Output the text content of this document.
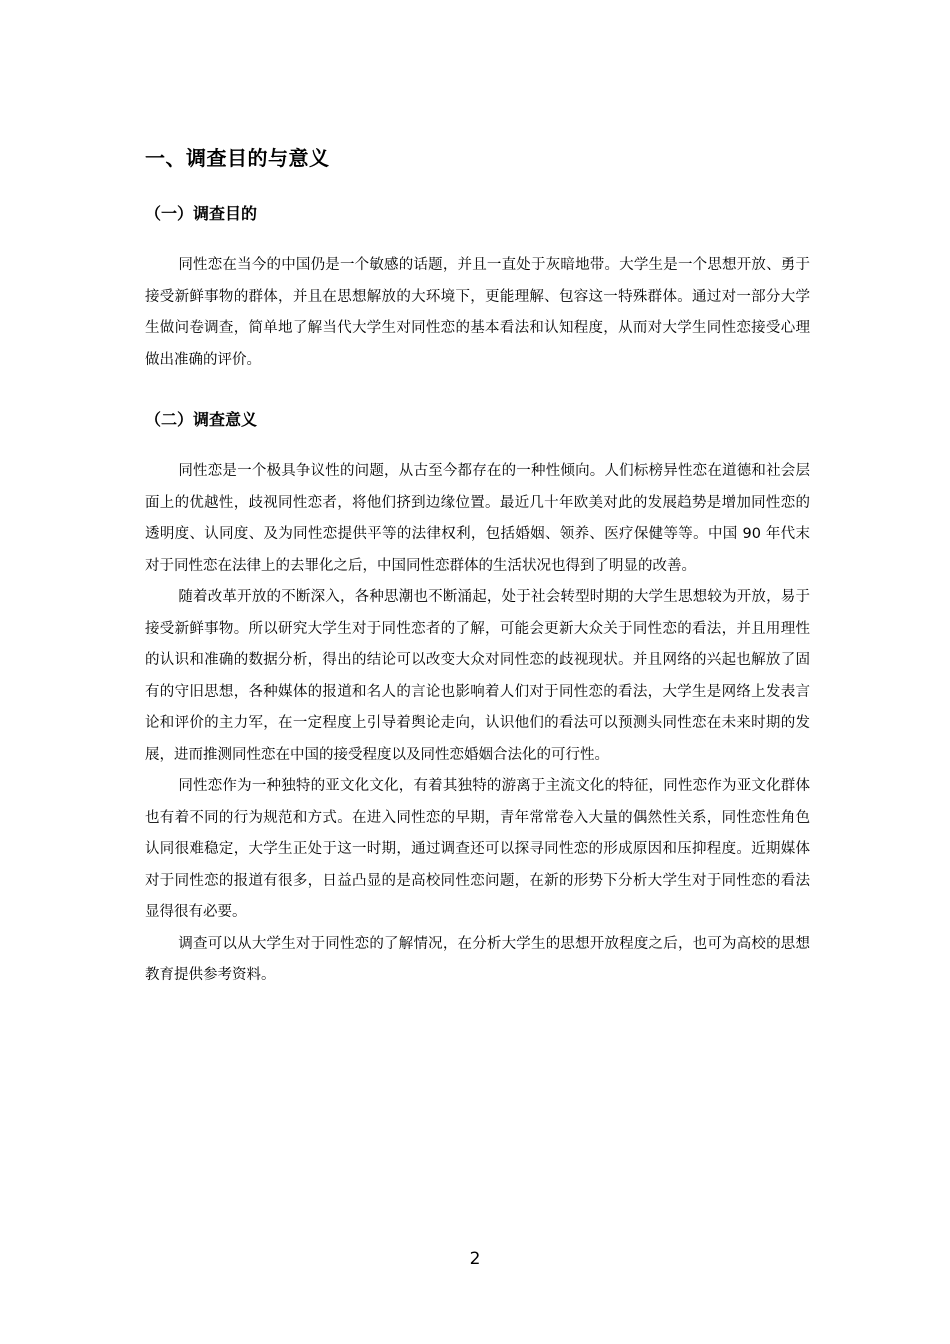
一、调查目的与意义
（一）调查目的

同性恋在当今的中国仍是一个敏感的话题，并且一直处于灰暗地带。大学生是一个思想开放、勇于接受新鲜事物的群体，并且在思想解放的大环境下，更能理解、包容这一特殊群体。通过对一部分大学生做问卷调查，简单地了解当代大学生对同性恋的基本看法和认知程度，从而对大学生同性恋接受心理做出准确的评价。

（二）调查意义

同性恋是一个极具争议性的问题，从古至今都存在的一种性倾向。人们标榜异性恋在道德和社会层面上的优越性，歧视同性恋者，将他们挤到边缘位置。最近几十年欧美对此的发展趋势是增加同性恋的透明度、认同度、及为同性恋提供平等的法律权利，包括婚姻、领养、医疗保健等等。中国 90 年代末对于同性恋在法律上的去罪化之后，中国同性恋群体的生活状况也得到了明显的改善。

随着改革开放的不断深入，各种思潮也不断涌起，处于社会转型时期的大学生思想较为开放，易于接受新鲜事物。所以研究大学生对于同性恋者的了解，可能会更新大众关于同性恋的看法，并且用理性的认识和准确的数据分析，得出的结论可以改变大众对同性恋的歧视现状。并且网络的兴起也解放了固有的守旧思想，各种媒体的报道和名人的言论也影响着人们对于同性恋的看法，大学生是网络上发表言论和评价的主力军，在一定程度上引导着舆论走向，认识他们的看法可以预测头同性恋在未来时期的发展，进而推测同性恋在中国的接受程度以及同性恋婚姻合法化的可行性。

同性恋作为一种独特的亚文化文化，有着其独特的游离于主流文化的特征，同性恋作为亚文化群体也有着不同的行为规范和方式。在进入同性恋的早期，青年常常卷入大量的偶然性关系，同性恋性角色认同很难稳定，大学生正处于这一时期，通过调查还可以探寻同性恋的形成原因和压抑程度。近期媒体对于同性恋的报道有很多，日益凸显的是高校同性恋问题，在新的形势下分析大学生对于同性恋的看法显得很有必要。

调查可以从大学生对于同性恋的了解情况，在分析大学生的思想开放程度之后，也可为高校的思想教育提供参考资料。

2
